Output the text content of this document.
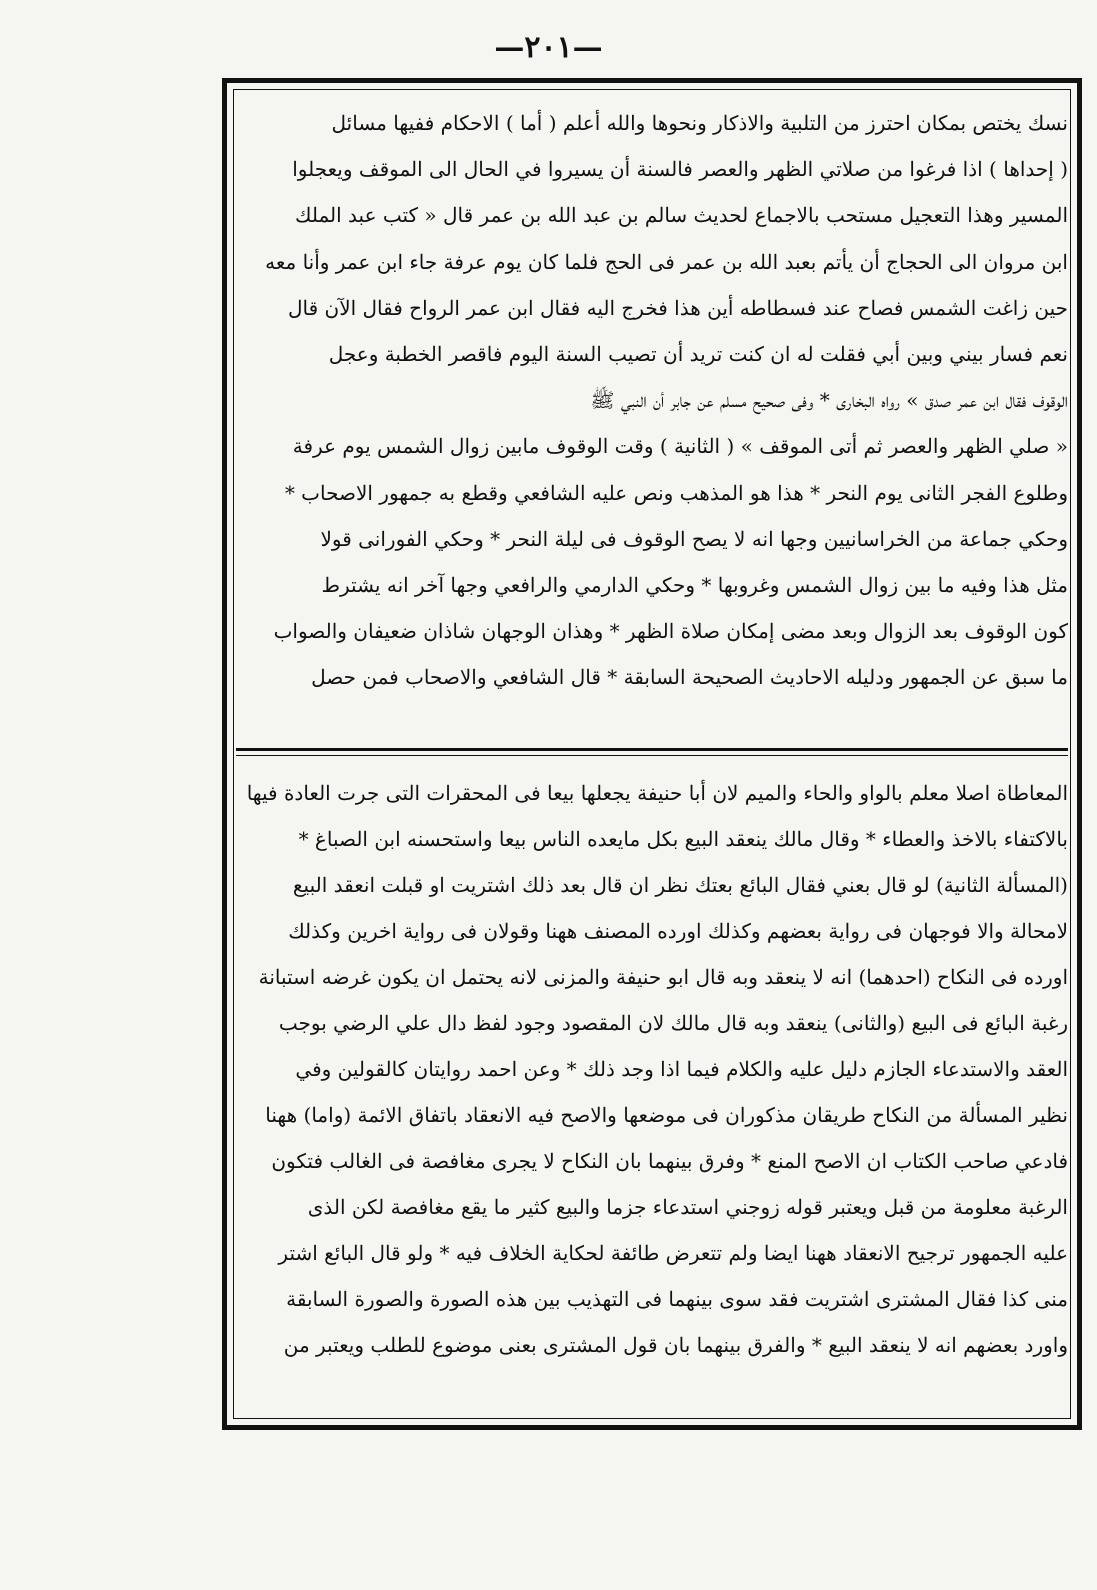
—٢٠١—
نسك يختص بمكان احترز من التلبية والاذكار ونحوها والله أعلم ( أما ) الاحكام ففيها مسائل
( إحداها ) اذا فرغوا من صلاتي الظهر والعصر فالسنة أن يسيروا في الحال الى الموقف ويعجلوا
المسير وهذا التعجيل مستحب بالاجماع لحديث سالم بن عبد الله بن عمر قال « كتب عبد الملك
ابن مروان الى الحجاج أن يأتم بعبد الله بن عمر فى الحج فلما كان يوم عرفة جاء ابن عمر وأنا معه
حين زاغت الشمس فصاح عند فسطاطه أين هذا فخرج اليه فقال ابن عمر الرواح فقال الآن قال
نعم فسار بيني وبين أبي فقلت له ان كنت تريد أن تصيب السنة اليوم فاقصر الخطبة وعجل
الوقوف فقال ابن عمر صدق » رواه البخارى * وفى صحيح مسلم عن جابر أن النبي ﷺ
« صلي الظهر والعصر ثم أتى الموقف » ( الثانية ) وقت الوقوف مابين زوال الشمس يوم عرفة
وطلوع الفجر الثانى يوم النحر * هذا هو المذهب ونص عليه الشافعي وقطع به جمهور الاصحاب *
وحكي جماعة من الخراسانيين وجها انه لا يصح الوقوف فى ليلة النحر * وحكي الفورانى قولا
مثل هذا وفيه ما بين زوال الشمس وغروبها * وحكي الدارمي والرافعي وجها آخر انه يشترط
كون الوقوف بعد الزوال وبعد مضى إمكان صلاة الظهر * وهذان الوجهان شاذان ضعيفان والصواب
ما سبق عن الجمهور ودليله الاحاديث الصحيحة السابقة * قال الشافعي والاصحاب فمن حصل
المعاطاة اصلا معلم بالواو والحاء والميم لان أبا حنيفة يجعلها بيعا فى المحقرات التى جرت العادة فيها
بالاكتفاء بالاخذ والعطاء * وقال مالك ينعقد البيع بكل مايعده الناس بيعا واستحسنه ابن الصباغ *
(المسألة الثانية) لو قال بعني فقال البائع بعتك نظر ان قال بعد ذلك اشتريت او قبلت انعقد البيع
لامحالة والا فوجهان فى رواية بعضهم وكذلك اورده المصنف ههنا وقولان فى رواية اخرين وكذلك
اورده فى النكاح (احدهما) انه لا ينعقد وبه قال ابو حنيفة والمزنى لانه يحتمل ان يكون غرضه استبانة
رغبة البائع فى البيع (والثانى) ينعقد وبه قال مالك لان المقصود وجود لفظ دال علي الرضي بوجب
العقد والاستدعاء الجازم دليل عليه والكلام فيما اذا وجد ذلك * وعن احمد روايتان كالقولين وفي
نظير المسألة من النكاح طريقان مذكوران فى موضعها والاصح فيه الانعقاد باتفاق الائمة (واما) ههنا
فادعي صاحب الكتاب ان الاصح المنع * وفرق بينهما بان النكاح لا يجرى مغافصة فى الغالب فتكون
الرغبة معلومة من قبل ويعتبر قوله زوجني استدعاء جزما والبيع كثير ما يقع مغافصة لكن الذى
عليه الجمهور ترجيح الانعقاد ههنا ايضا ولم تتعرض طائفة لحكاية الخلاف فيه * ولو قال البائع اشتر
منى كذا فقال المشترى اشتريت فقد سوى بينهما فى التهذيب بين هذه الصورة والصورة السابقة
واورد بعضهم انه لا ينعقد البيع * والفرق بينهما بان قول المشترى بعنى موضوع للطلب ويعتبر من
